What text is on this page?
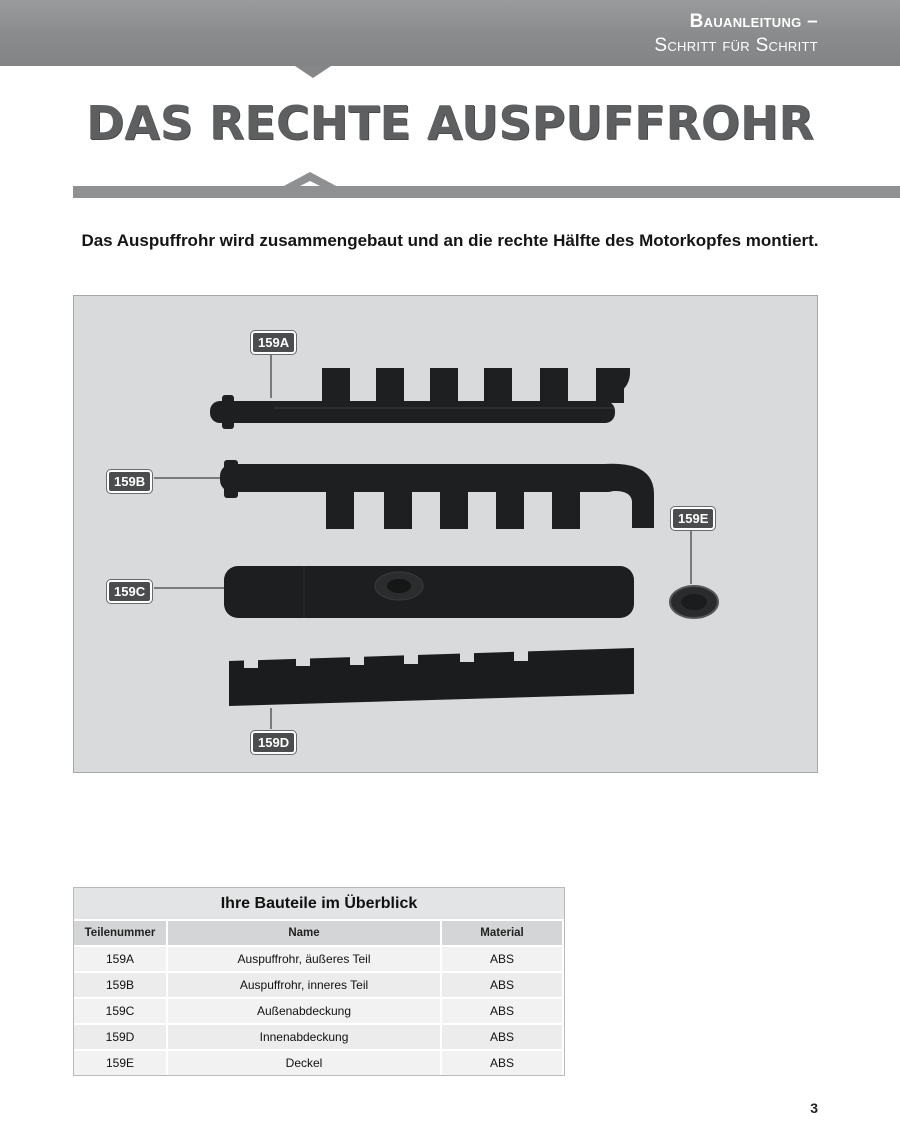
Bauanleitung –
Schritt für Schritt
DAS RECHTE AUSPUFFROHR
Das Auspuffrohr wird zusammengebaut und an die rechte Hälfte des Motorkopfes montiert.
159A
159B
159C
159E
159D
Ihre Bauteile im Überblick
Teilenummer	Name	Material
159A	Auspuffrohr, äußeres Teil	ABS
159B	Auspuffrohr, inneres Teil	ABS
159C	Außenabdeckung	ABS
159D	Innenabdeckung	ABS
159E	Deckel	ABS
3
